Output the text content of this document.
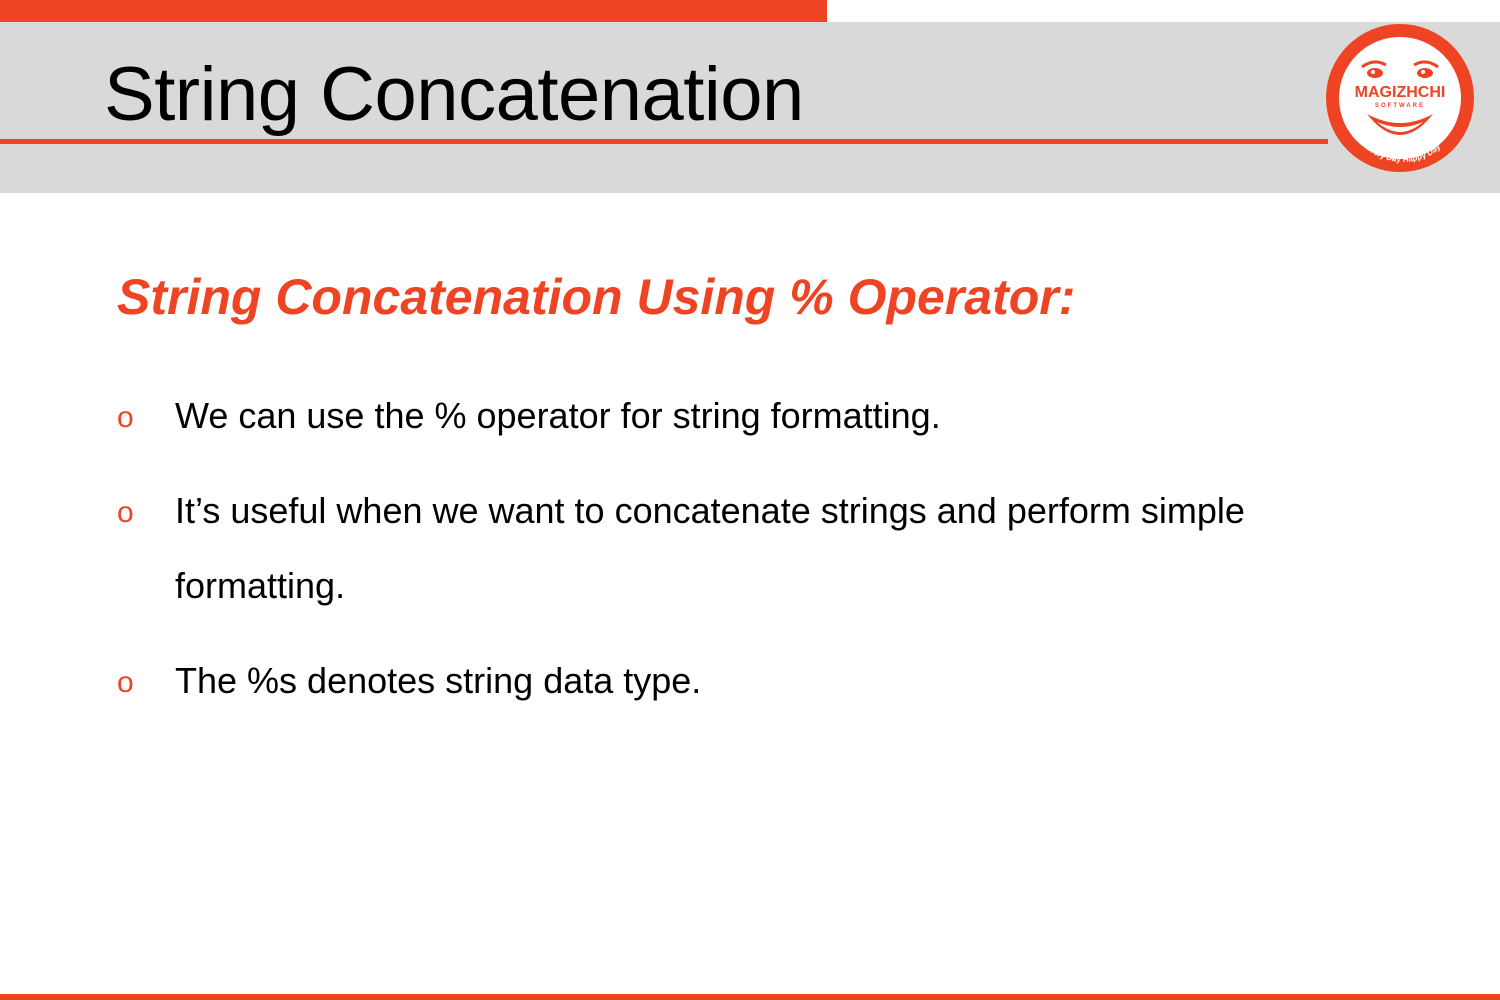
String Concatenation	MAGIZHCHI
SOFTWARE
Every Day Happy Day
String Concatenation Using % Operator:
o We can use the % operator for string formatting.
o It’s useful when we want to concatenate strings and perform simple formatting.
o The %s denotes string data type.
